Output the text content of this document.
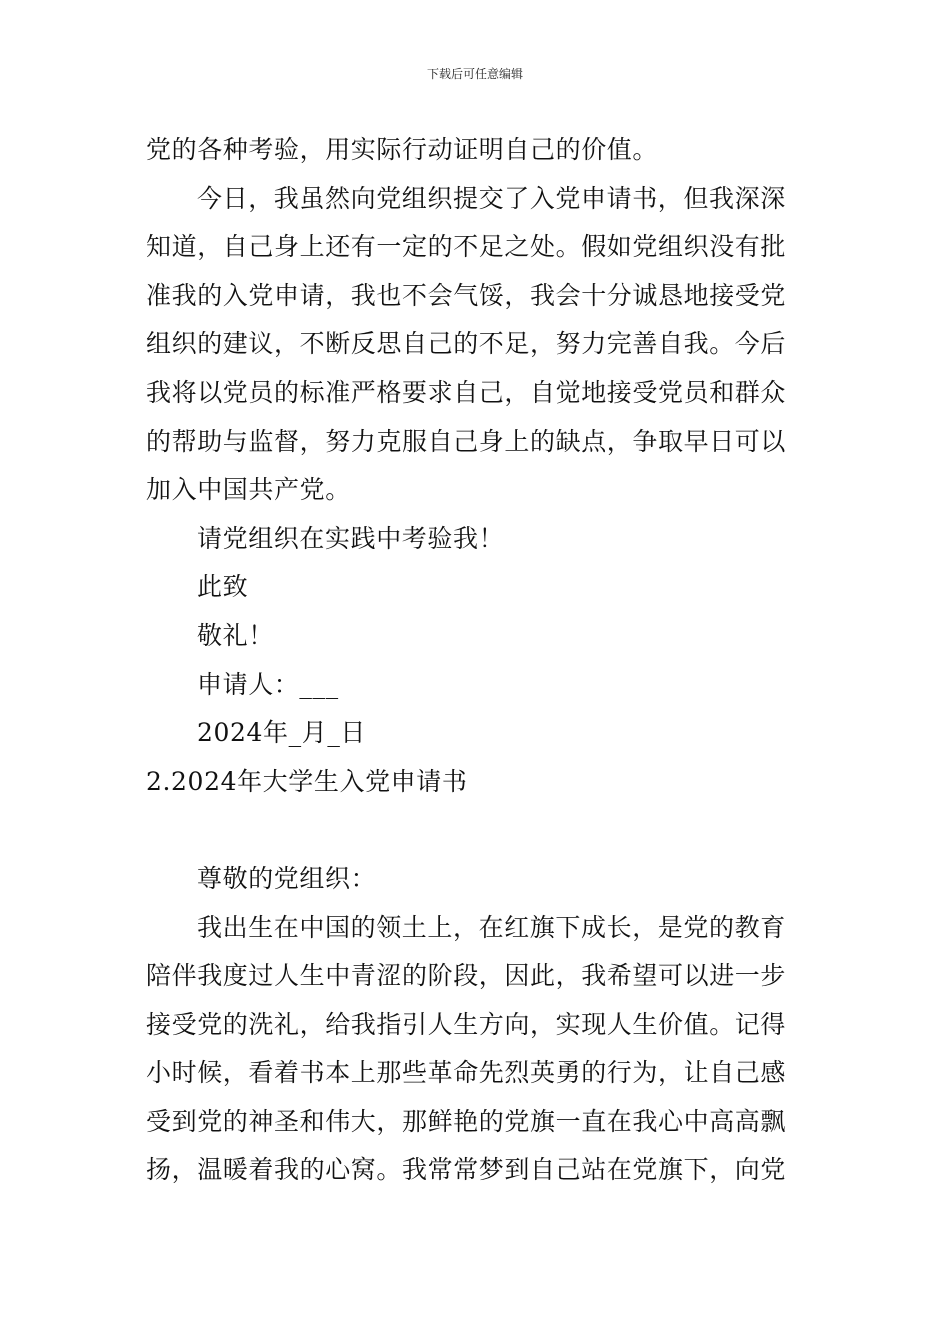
下载后可任意编辑
党的各种考验，用实际行动证明自己的价值。
今日，我虽然向党组织提交了入党申请书，但我深深
知道，自己身上还有一定的不足之处。假如党组织没有批
准我的入党申请，我也不会气馁，我会十分诚恳地接受党
组织的建议，不断反思自己的不足，努力完善自我。今后
我将以党员的标准严格要求自己，自觉地接受党员和群众
的帮助与监督，努力克服自己身上的缺点，争取早日可以
加入中国共产党。
请党组织在实践中考验我！
此致
敬礼！
申请人：___
2024年_月_日
2.2024年大学生入党申请书
尊敬的党组织：
我出生在中国的领土上，在红旗下成长，是党的教育
陪伴我度过人生中青涩的阶段，因此，我希望可以进一步
接受党的洗礼，给我指引人生方向，实现人生价值。记得
小时候，看着书本上那些革命先烈英勇的行为，让自己感
受到党的神圣和伟大，那鲜艳的党旗一直在我心中高高飘
扬，温暖着我的心窝。我常常梦到自己站在党旗下，向党
